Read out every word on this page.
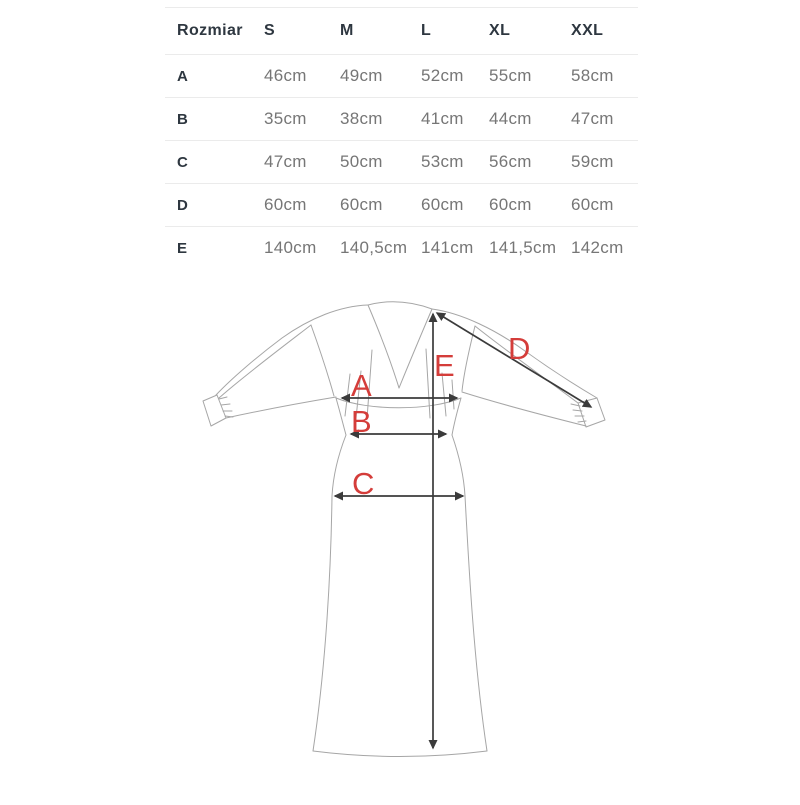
Rozmiar	S	M	L	XL	XXL
A	46cm	49cm	52cm	55cm	58cm
B	35cm	38cm	41cm	44cm	47cm
C	47cm	50cm	53cm	56cm	59cm
D	60cm	60cm	60cm	60cm	60cm
E	140cm	140,5cm 141cm 141,5cm 142cm
A
B
C
D
E
